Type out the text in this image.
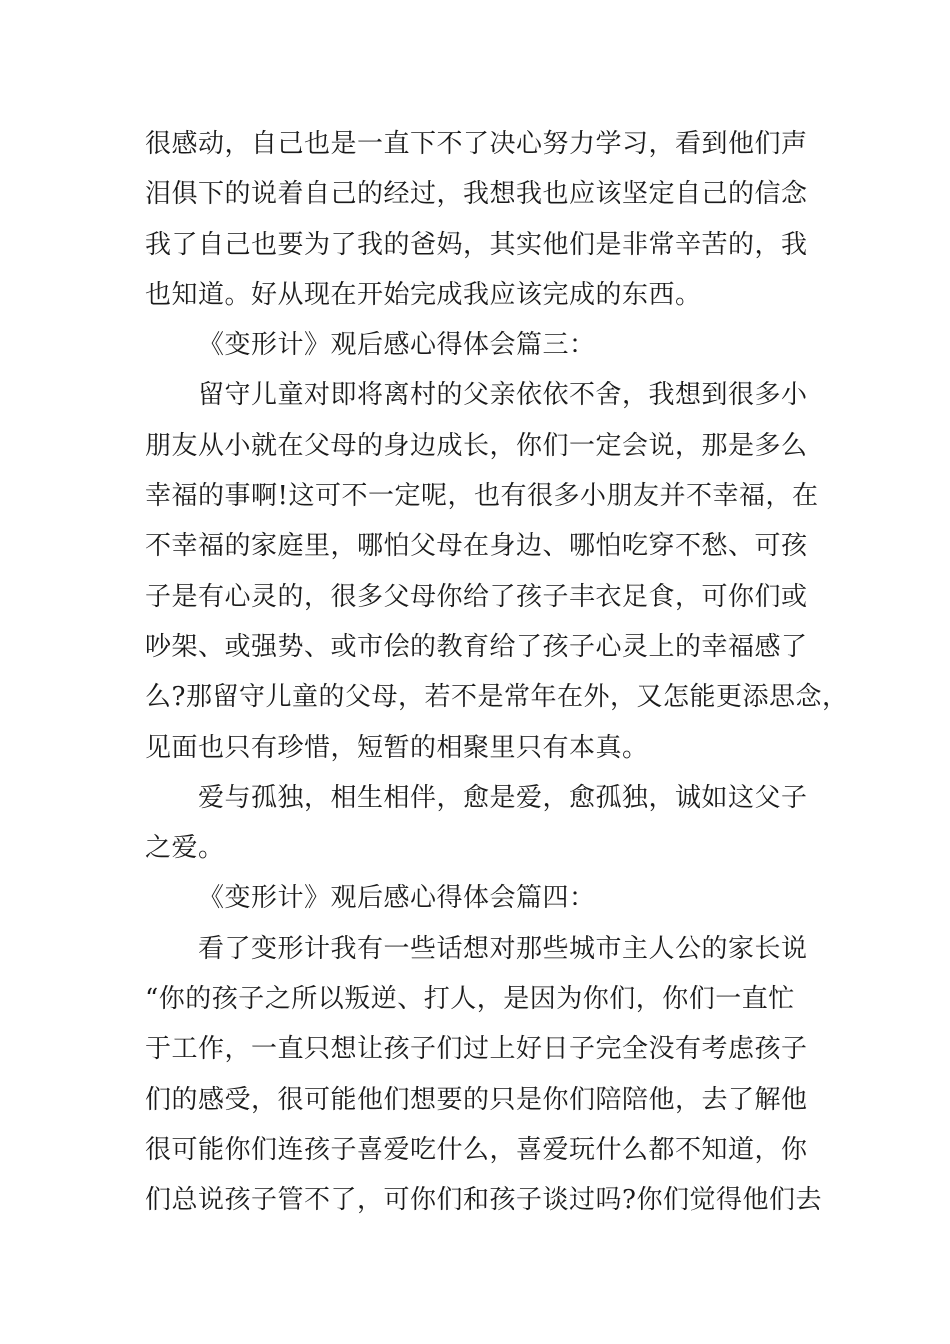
很感动，自己也是一直下不了决心努力学习，看到他们声
泪俱下的说着自己的经过，我想我也应该坚定自己的信念
我了自己也要为了我的爸妈，其实他们是非常辛苦的，我
也知道。好从现在开始完成我应该完成的东西。
《变形计》观后感心得体会篇三：
留守儿童对即将离村的父亲依依不舍，我想到很多小
朋友从小就在父母的身边成长，你们一定会说，那是多么
幸福的事啊!这可不一定呢，也有很多小朋友并不幸福，在
不幸福的家庭里，哪怕父母在身边、哪怕吃穿不愁、可孩
子是有心灵的，很多父母你给了孩子丰衣足食，可你们或
吵架、或强势、或市侩的教育给了孩子心灵上的幸福感了
么?那留守儿童的父母，若不是常年在外，又怎能更添思念，
见面也只有珍惜，短暂的相聚里只有本真。
爱与孤独，相生相伴，愈是爱，愈孤独，诚如这父子
之爱。
《变形计》观后感心得体会篇四：
看了变形计我有一些话想对那些城市主人公的家长说
“你的孩子之所以叛逆、打人，是因为你们，你们一直忙
于工作，一直只想让孩子们过上好日子完全没有考虑孩子
们的感受，很可能他们想要的只是你们陪陪他，去了解他
很可能你们连孩子喜爱吃什么，喜爱玩什么都不知道，你
们总说孩子管不了，可你们和孩子谈过吗?你们觉得他们去
